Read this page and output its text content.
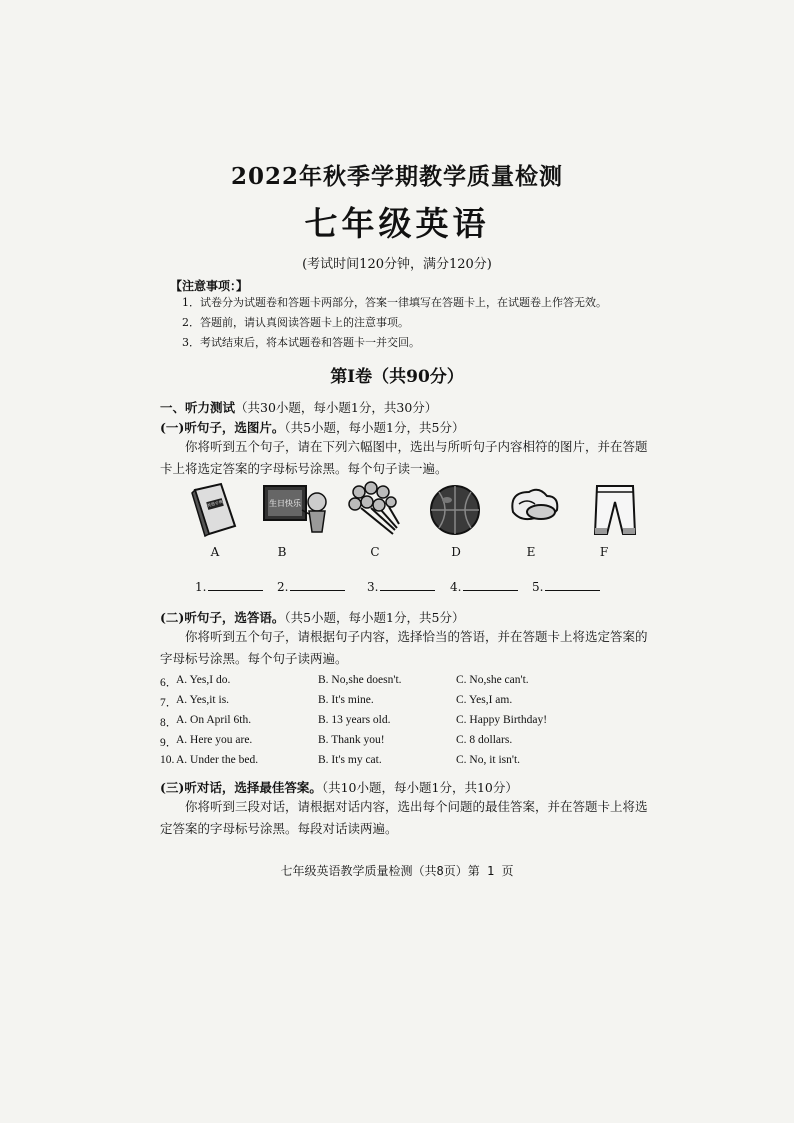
2022年秋季学期教学质量检测
七年级英语
(考试时间120分钟，满分120分)
【注意事项：】
1．试卷分为试题卷和答题卡两部分，答案一律填写在答题卡上，在试题卷上作答无效。
2．答题前，请认真阅读答题卡上的注意事项。
3．考试结束后，将本试题卷和答题卡一并交回。
第Ⅰ卷（共90分）
一、听力测试（共30小题，每小题1分，共30分）
(一)听句子，选图片。（共5小题，每小题1分，共5分）
你将听到五个句子，请在下列六幅图中，选出与所听句子内容相符的图片，并在答题卡上将选定答案的字母标号涂黑。每个句子读一遍。
英语字典	生日快乐
A	B	C	D	E	F
1.	2.	3.	4.	5.
(二)听句子，选答语。（共5小题，每小题1分，共5分）
你将听到五个句子，请根据句子内容，选择恰当的答语，并在答题卡上将选定答案的字母标号涂黑。每个句子读两遍。
6．
A. Yes,I do.	B. No,she doesn't.	C. No,she can't.
7．
A. Yes,it is.	B. It's mine.	C. Yes,I am.
8．
A. On April 6th.	B. 13 years old.	C. Happy Birthday!
9．
A. Here you are.	B. Thank you!	C. 8 dollars.
10. A. Under the bed.	B. It's my cat.	C. No, it isn't.
(三)听对话，选择最佳答案。（共10小题，每小题1分，共10分）
你将听到三段对话，请根据对话内容，选出每个问题的最佳答案，并在答题卡上将选定答案的字母标号涂黑。每段对话读两遍。
七年级英语教学质量检测（共8页）第 1 页
